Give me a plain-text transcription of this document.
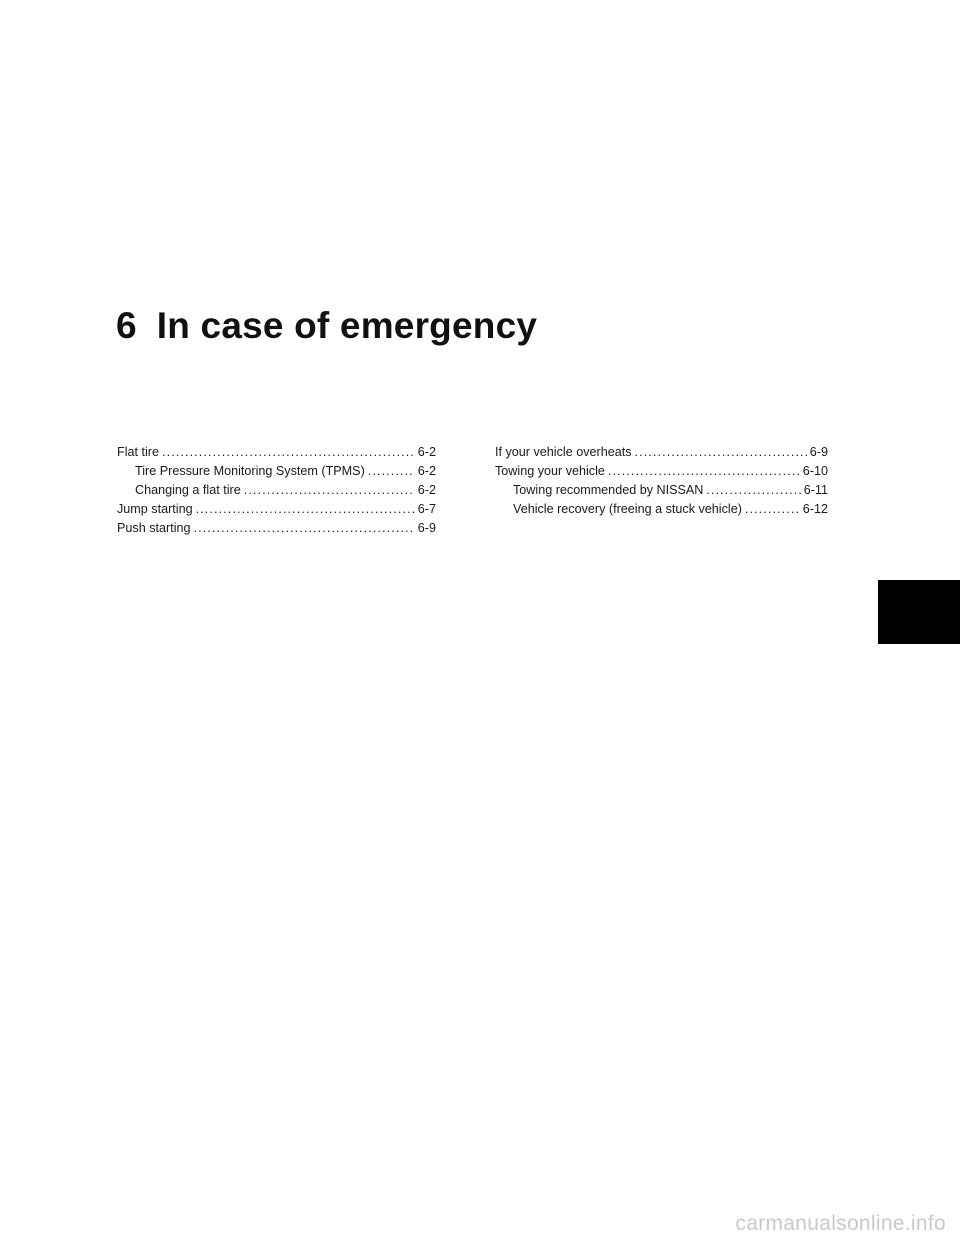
6 In case of emergency
Flat tire . . .	6-2
Tire Pressure Monitoring System (TPMS) . . .	6-2
Changing a flat tire . . .	6-2
Jump starting . . .	6-7
Push starting . . .	6-9
If your vehicle overheats . . .	6-9
Towing your vehicle . . .	6-10
Towing recommended by NISSAN . . .	6-11
Vehicle recovery (freeing a stuck vehicle) . . .	6-12
carmanualsonline.info
